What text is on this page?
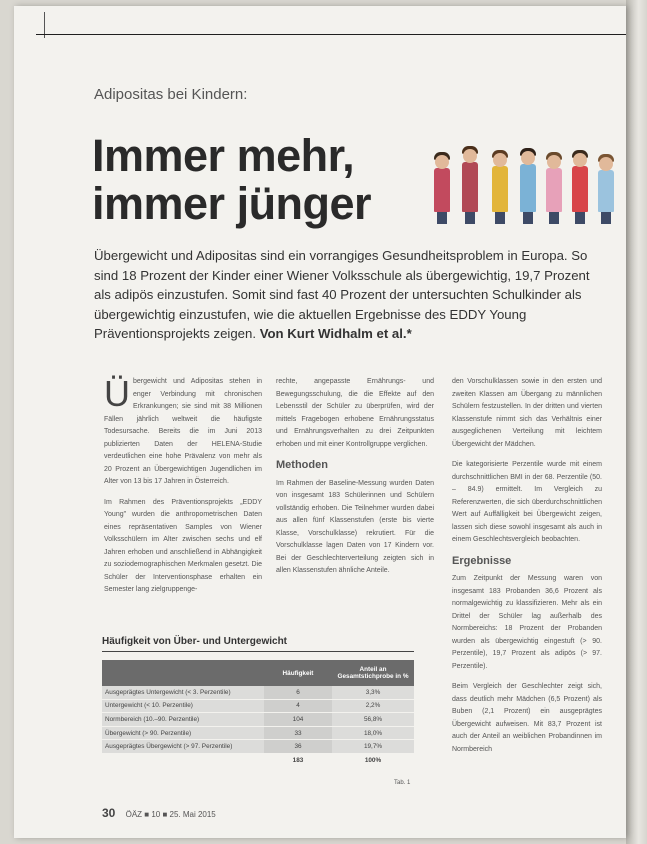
Adipositas bei Kindern:
Immer mehr,
immer jünger
Übergewicht und Adipositas sind ein vorrangiges Gesundheitsproblem in Europa. So sind 18 Prozent der Kinder einer Wiener Volksschule als übergewichtig, 19,7 Prozent als adipös einzustufen. Somit sind fast 40 Prozent der untersuchten Schulkinder als übergewichtig einzustufen, wie die aktuellen Ergebnisse des EDDY Young Präventionsprojekts zeigen. Von Kurt Widhalm et al.*

Übergewicht und Adipositas stehen in enger Verbindung mit chronischen Erkrankungen; sie sind mit 38 Millionen Fällen jährlich weltweit die häufigste Todesursache. Bereits die im Juni 2013 publizierten Daten der HELENA-Studie verdeutlichen eine hohe Prävalenz von mehr als 20 Prozent an Übergewichtigen Jugendlichen im Alter von 13 bis 17 Jahren in Österreich.

Im Rahmen des Präventionsprojekts „EDDY Young" wurden die anthropometrischen Daten eines repräsentativen Samples von Wiener Volksschülern im Alter zwischen sechs und elf Jahren erhoben und anschließend in Abhängigkeit zu soziodemographischen Merkmalen gesetzt. Die Schüler der Interventionsphase erhalten ein Semester lang zielgruppenge-

rechte, angepasste Ernährungs- und Bewegungsschulung, die die Effekte auf den Lebensstil der Schüler zu überprüfen, wird der mittels Fragebogen erhobene Ernährungsstatus und Ernährungsverhalten zu drei Zeitpunkten erhoben und mit einer Kontrollgruppe verglichen.

Methoden

Im Rahmen der Baseline-Messung wurden Daten von insgesamt 183 Schülerinnen und Schülern vollständig erhoben. Die Teilnehmer wurden dabei aus allen fünf Klassenstufen (erste bis vierte Klasse, Vorschulklasse) rekrutiert. Für die Vorschulklasse lagen Daten von 17 Kindern vor. Bei der Geschlechterverteilung zeigten sich in allen Klassenstufen ähnliche Anteile.

den Vorschulklassen sowie in den ersten und zweiten Klassen am Übergang zu männlichen Schülern festzustellen. In der dritten und vierten Klassenstufe nimmt sich das Verhältnis einer ausgeglichenen Verteilung mit leichtem Übergewicht der Mädchen.

Die kategorisierte Perzentile wurde mit einem durchschnittlichen BMI in der 68. Perzentile (50. – 84.9) ermittelt. Im Vergleich zu Referenzwerten, die sich überdurchschnittlichen Wert auf Auffälligkeit bei Übergewicht zeigen, lassen sich diese sowohl insgesamt als auch in einem Geschlechtsvergleich beobachten.

Ergebnisse

Zum Zeitpunkt der Messung waren von insgesamt 183 Probanden 36,6 Prozent als normalgewichtig zu klassifizieren. Mehr als ein Drittel der Schüler lag außerhalb des Normbereichs: 18 Prozent der Probanden wurden als übergewichtig eingestuft (> 90. Perzentile), 19,7 Prozent als adipös (> 97. Perzentile).

Beim Vergleich der Geschlechter zeigt sich, dass deutlich mehr Mädchen (6,5 Prozent) als Buben (2,1 Prozent) ein ausgeprägtes Übergewicht aufweisen. Mit 83,7 Prozent ist auch der Anteil an weiblichen Probandinnen im Normbereich

Häufigkeit von Über- und Untergewicht
	Häufigkeit	Anteil an Gesamtstichprobe in %
Ausgeprägtes Untergewicht (< 3. Perzentile)	6	3,3%
Untergewicht (< 10. Perzentile)	4	2,2%
Normbereich (10.–90. Perzentile)	104	56,8%
Übergewicht (> 90. Perzentile)	33	18,0%
Ausgeprägtes Übergewicht (> 97. Perzentile)	36	19,7%
	183	100%
Tab. 1
30 ÖÄZ ■ 10 ■ 25. Mai 2015
